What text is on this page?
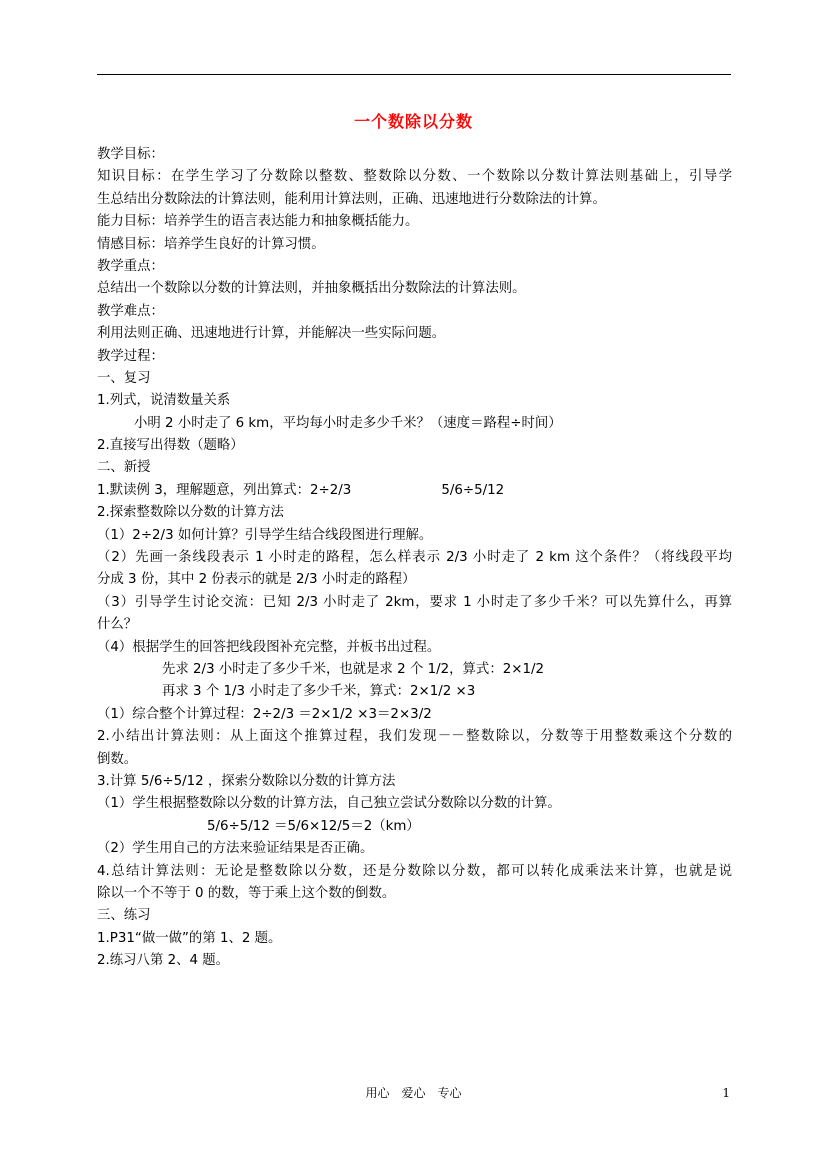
一个数除以分数
教学目标：
知识目标：在学生学习了分数除以整数、整数除以分数、一个数除以分数计算法则基础上，引导学
生总结出分数除法的计算法则，能利用计算法则，正确、迅速地进行分数除法的计算。
能力目标：培养学生的语言表达能力和抽象概括能力。
情感目标：培养学生良好的计算习惯。
教学重点：
总结出一个数除以分数的计算法则，并抽象概括出分数除法的计算法则。
教学难点：
利用法则正确、迅速地进行计算，并能解决一些实际问题。
教学过程：
一、复习
1.列式，说清数量关系
小明 2 小时走了 6 km，平均每小时走多少千米？（速度＝路程÷时间）
2.直接写出得数（题略）
二、新授
1.默读例 3，理解题意，列出算式：2÷2/3	5/6÷5/12
2.探索整数除以分数的计算方法
（1）2÷2/3 如何计算？引导学生结合线段图进行理解。
（2）先画一条线段表示 1 小时走的路程，怎么样表示 2/3 小时走了 2 km 这个条件？（将线段平均
分成 3 份，其中 2 份表示的就是 2/3 小时走的路程）
（3）引导学生讨论交流：已知 2/3 小时走了 2km，要求 1 小时走了多少千米？可以先算什么，再算
什么？
（4）根据学生的回答把线段图补充完整，并板书出过程。
先求 2/3 小时走了多少千米，也就是求 2 个 1/2，算式：2×1/2
再求 3 个 1/3 小时走了多少千米，算式：2×1/2 ×3
（1）综合整个计算过程：2÷2/3 ＝2×1/2 ×3＝2×3/2
2.小结出计算法则：从上面这个推算过程，我们发现－－整数除以，分数等于用整数乘这个分数的
倒数。
3.计算 5/6÷5/12 ，探索分数除以分数的计算方法
（1）学生根据整数除以分数的计算方法，自己独立尝试分数除以分数的计算。
5/6÷5/12 ＝5/6×12/5＝2（km）
（2）学生用自己的方法来验证结果是否正确。
4.总结计算法则：无论是整数除以分数，还是分数除以分数，都可以转化成乘法来计算，也就是说
除以一个不等于 0 的数，等于乘上这个数的倒数。
三、练习
1.P31“做一做”的第 1、2 题。
2.练习八第 2、4 题。
用心 爱心 专心	1
